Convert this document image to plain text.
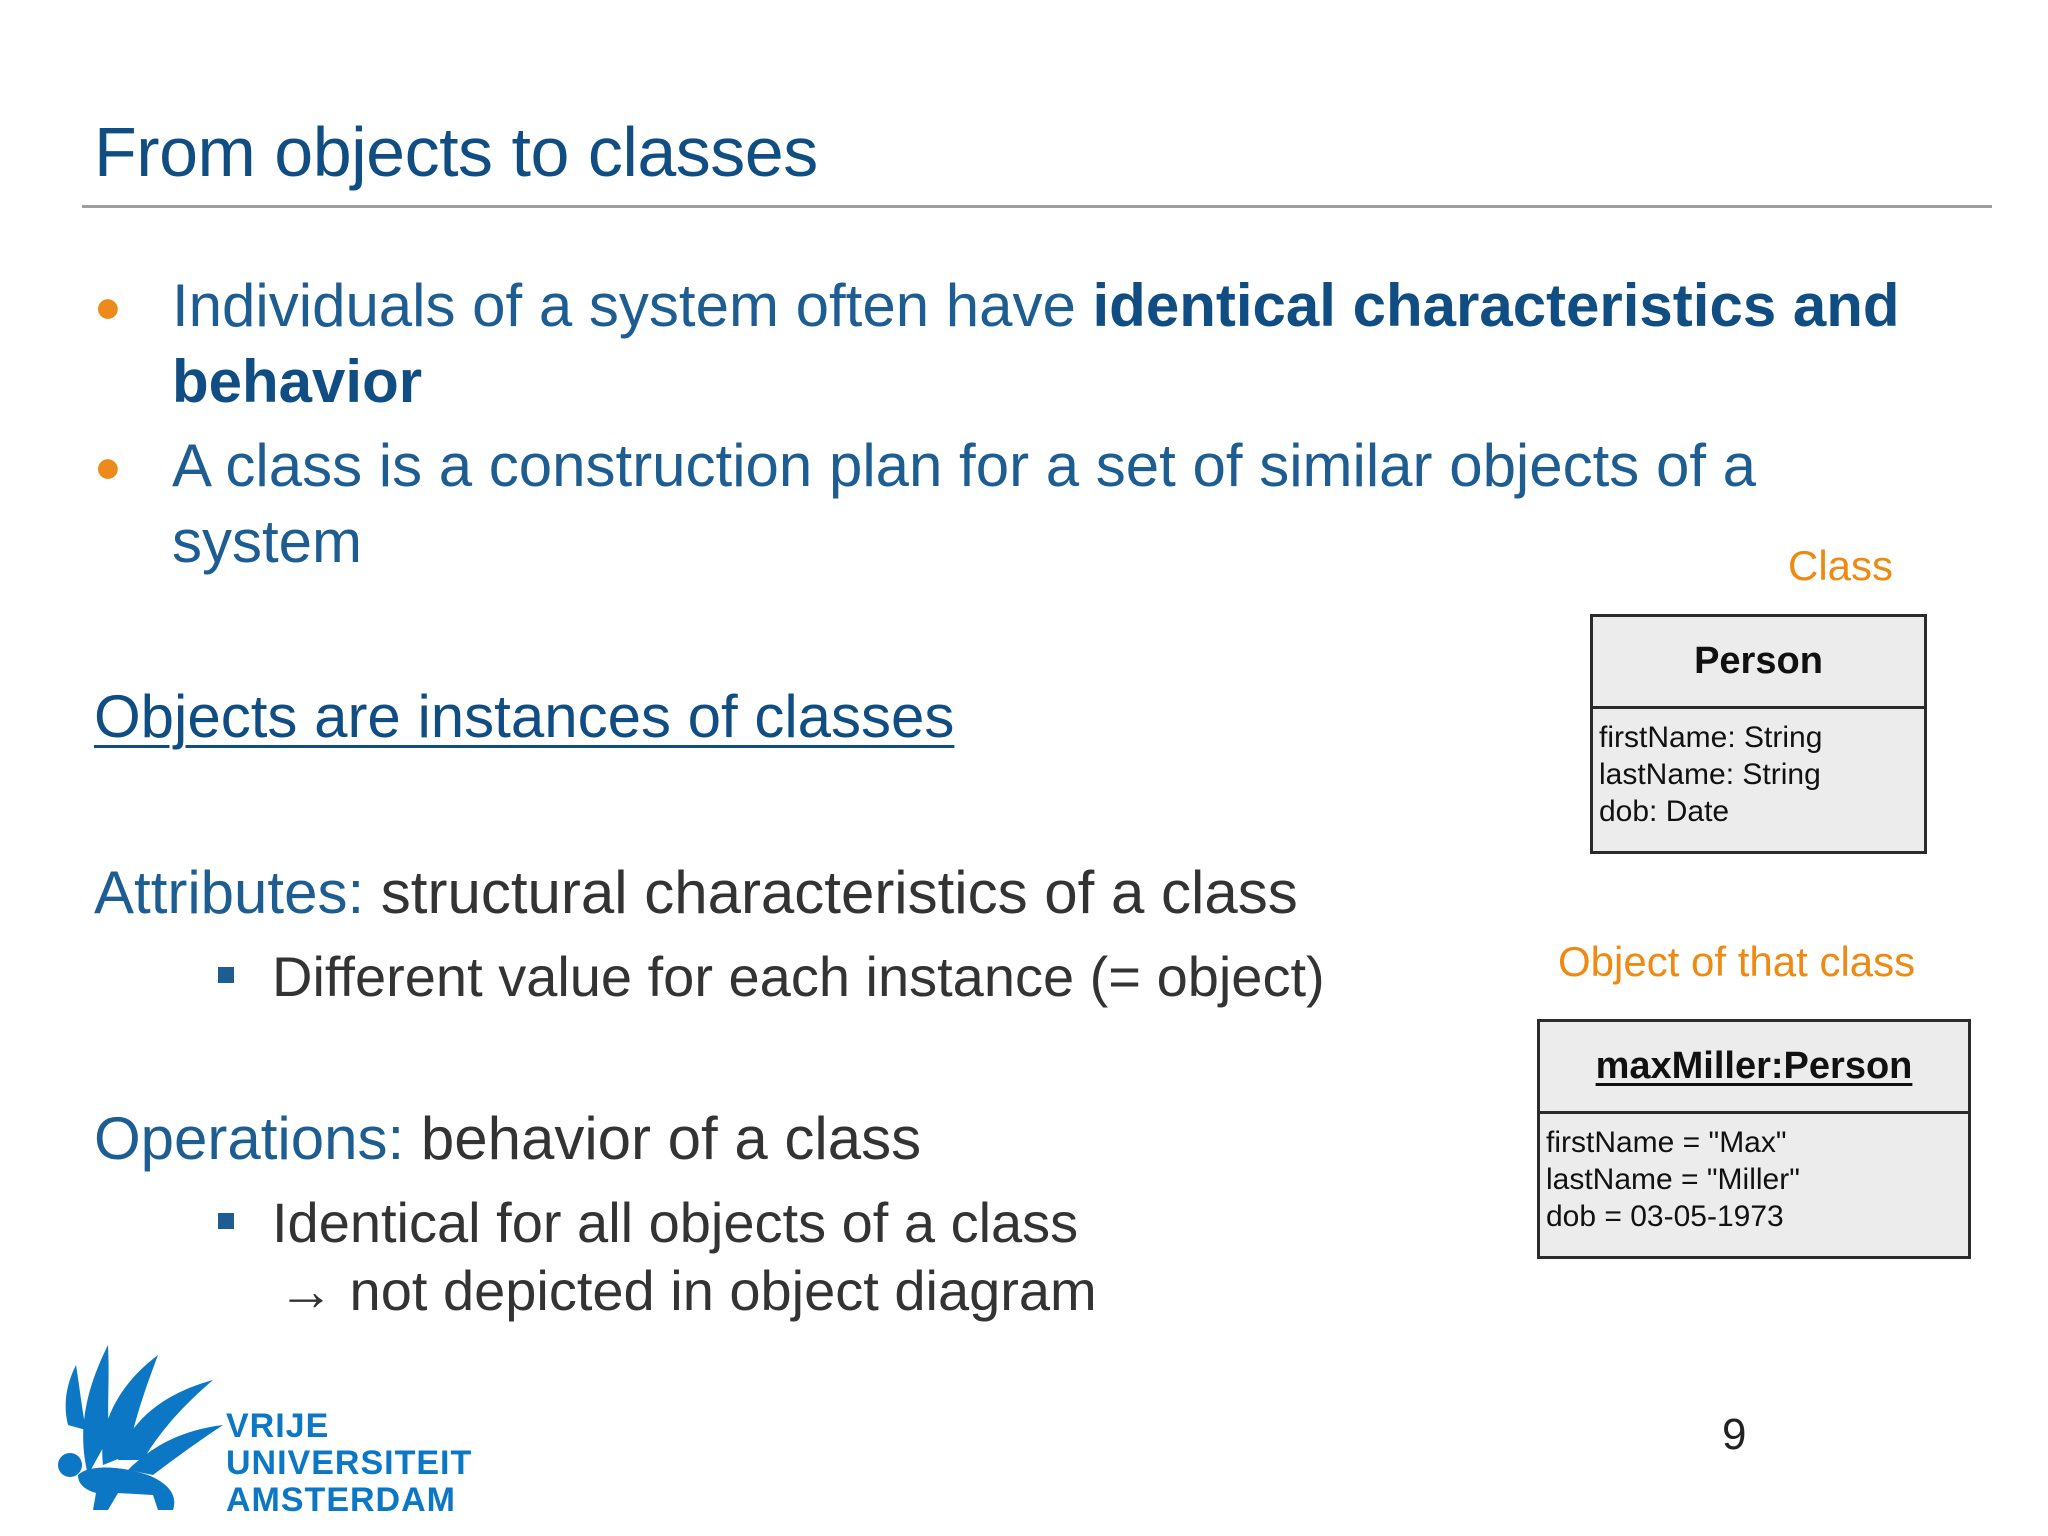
From objects to classes
● Individuals of a system often have identical characteristics and behavior
● A class is a construction plan for a set of similar objects of a system

Objects are instances of classes

Attributes: structural characteristics of a class

Different value for each instance (= object)

Operations: behavior of a class

Identical for all objects of a class

→ not depicted in object diagram

Class

Person
firstName: String
lastName: String
dob: Date

Object of that class

maxMiller:Person
firstName = "Max"
lastName = "Miller"
dob = 03-05-1973
9
VRIJE
UNIVERSITEIT
AMSTERDAM
